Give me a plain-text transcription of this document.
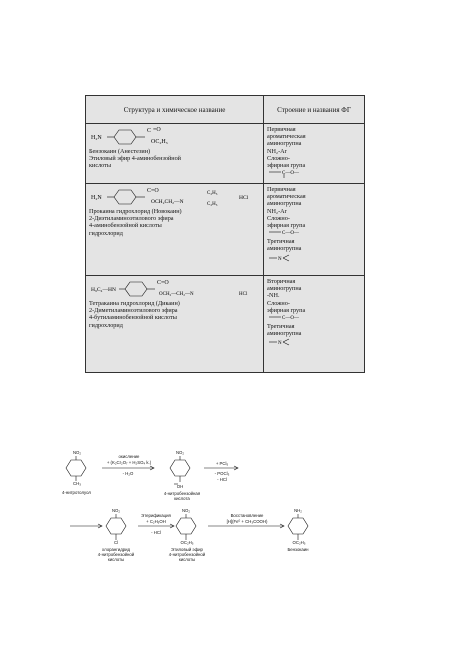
Структура и химическое название	Строение и названия ФГ
H₂N
C =O
OC₂H₅
Бензокаин (Анестезин)
Этиловый эфир 4-аминобензойной
кислоты
Первичная
ароматическая
аминогрупна
NH₂-Ar
Сложно-
эфирная група
C—O—
H₂N
C=O
OCH₂CH₂—N
C₂H₅
C₂H₅
HCl
Прокаина гидрохлорид (Новокаин)
2-Диэтиламиноэтилового эфира
4-аминобензойной кислоты
гидрохлорид
Первичная
ароматическая
аминогрупна
NH₂-Ar
Сложно-
эфирная група
C—O—
Третичная
аминогрупна
N
H₉C₄—HN
C=O
OCH₂—CH₂—N	HCl
Тетракаина гидрохлорид (Дикаин)
2-Диметиламиноэтилового эфира
4-бутиламинобензойной кислоты
гидрохлорид
Вторичная
аминогрупна
-NH.
Сложно-
эфирная група
C—O—
Третичная
аминогрупна
N
NO₂
CH₃
4-нитротолуол
окисление
+ (K₂Cr₂O₇ + H₂SO₄ k.)
- H₂O
NO₂
OH
4-нитробензойная
кислота
+ PCl₅
- POCl₃
- HCl
NO₂
Cl
хлорангидрид
4-нитробензойной
кислоты
Этерификация
+ C₂H₅OH
- HCl
NO₂
OC₂H₅
Этиловый эфир
4-нитробензойной
кислоты
Восстановление
[H](Fe⁰ + CH₃COOH)
NH₂
OC₂H₅
Бензокаин
